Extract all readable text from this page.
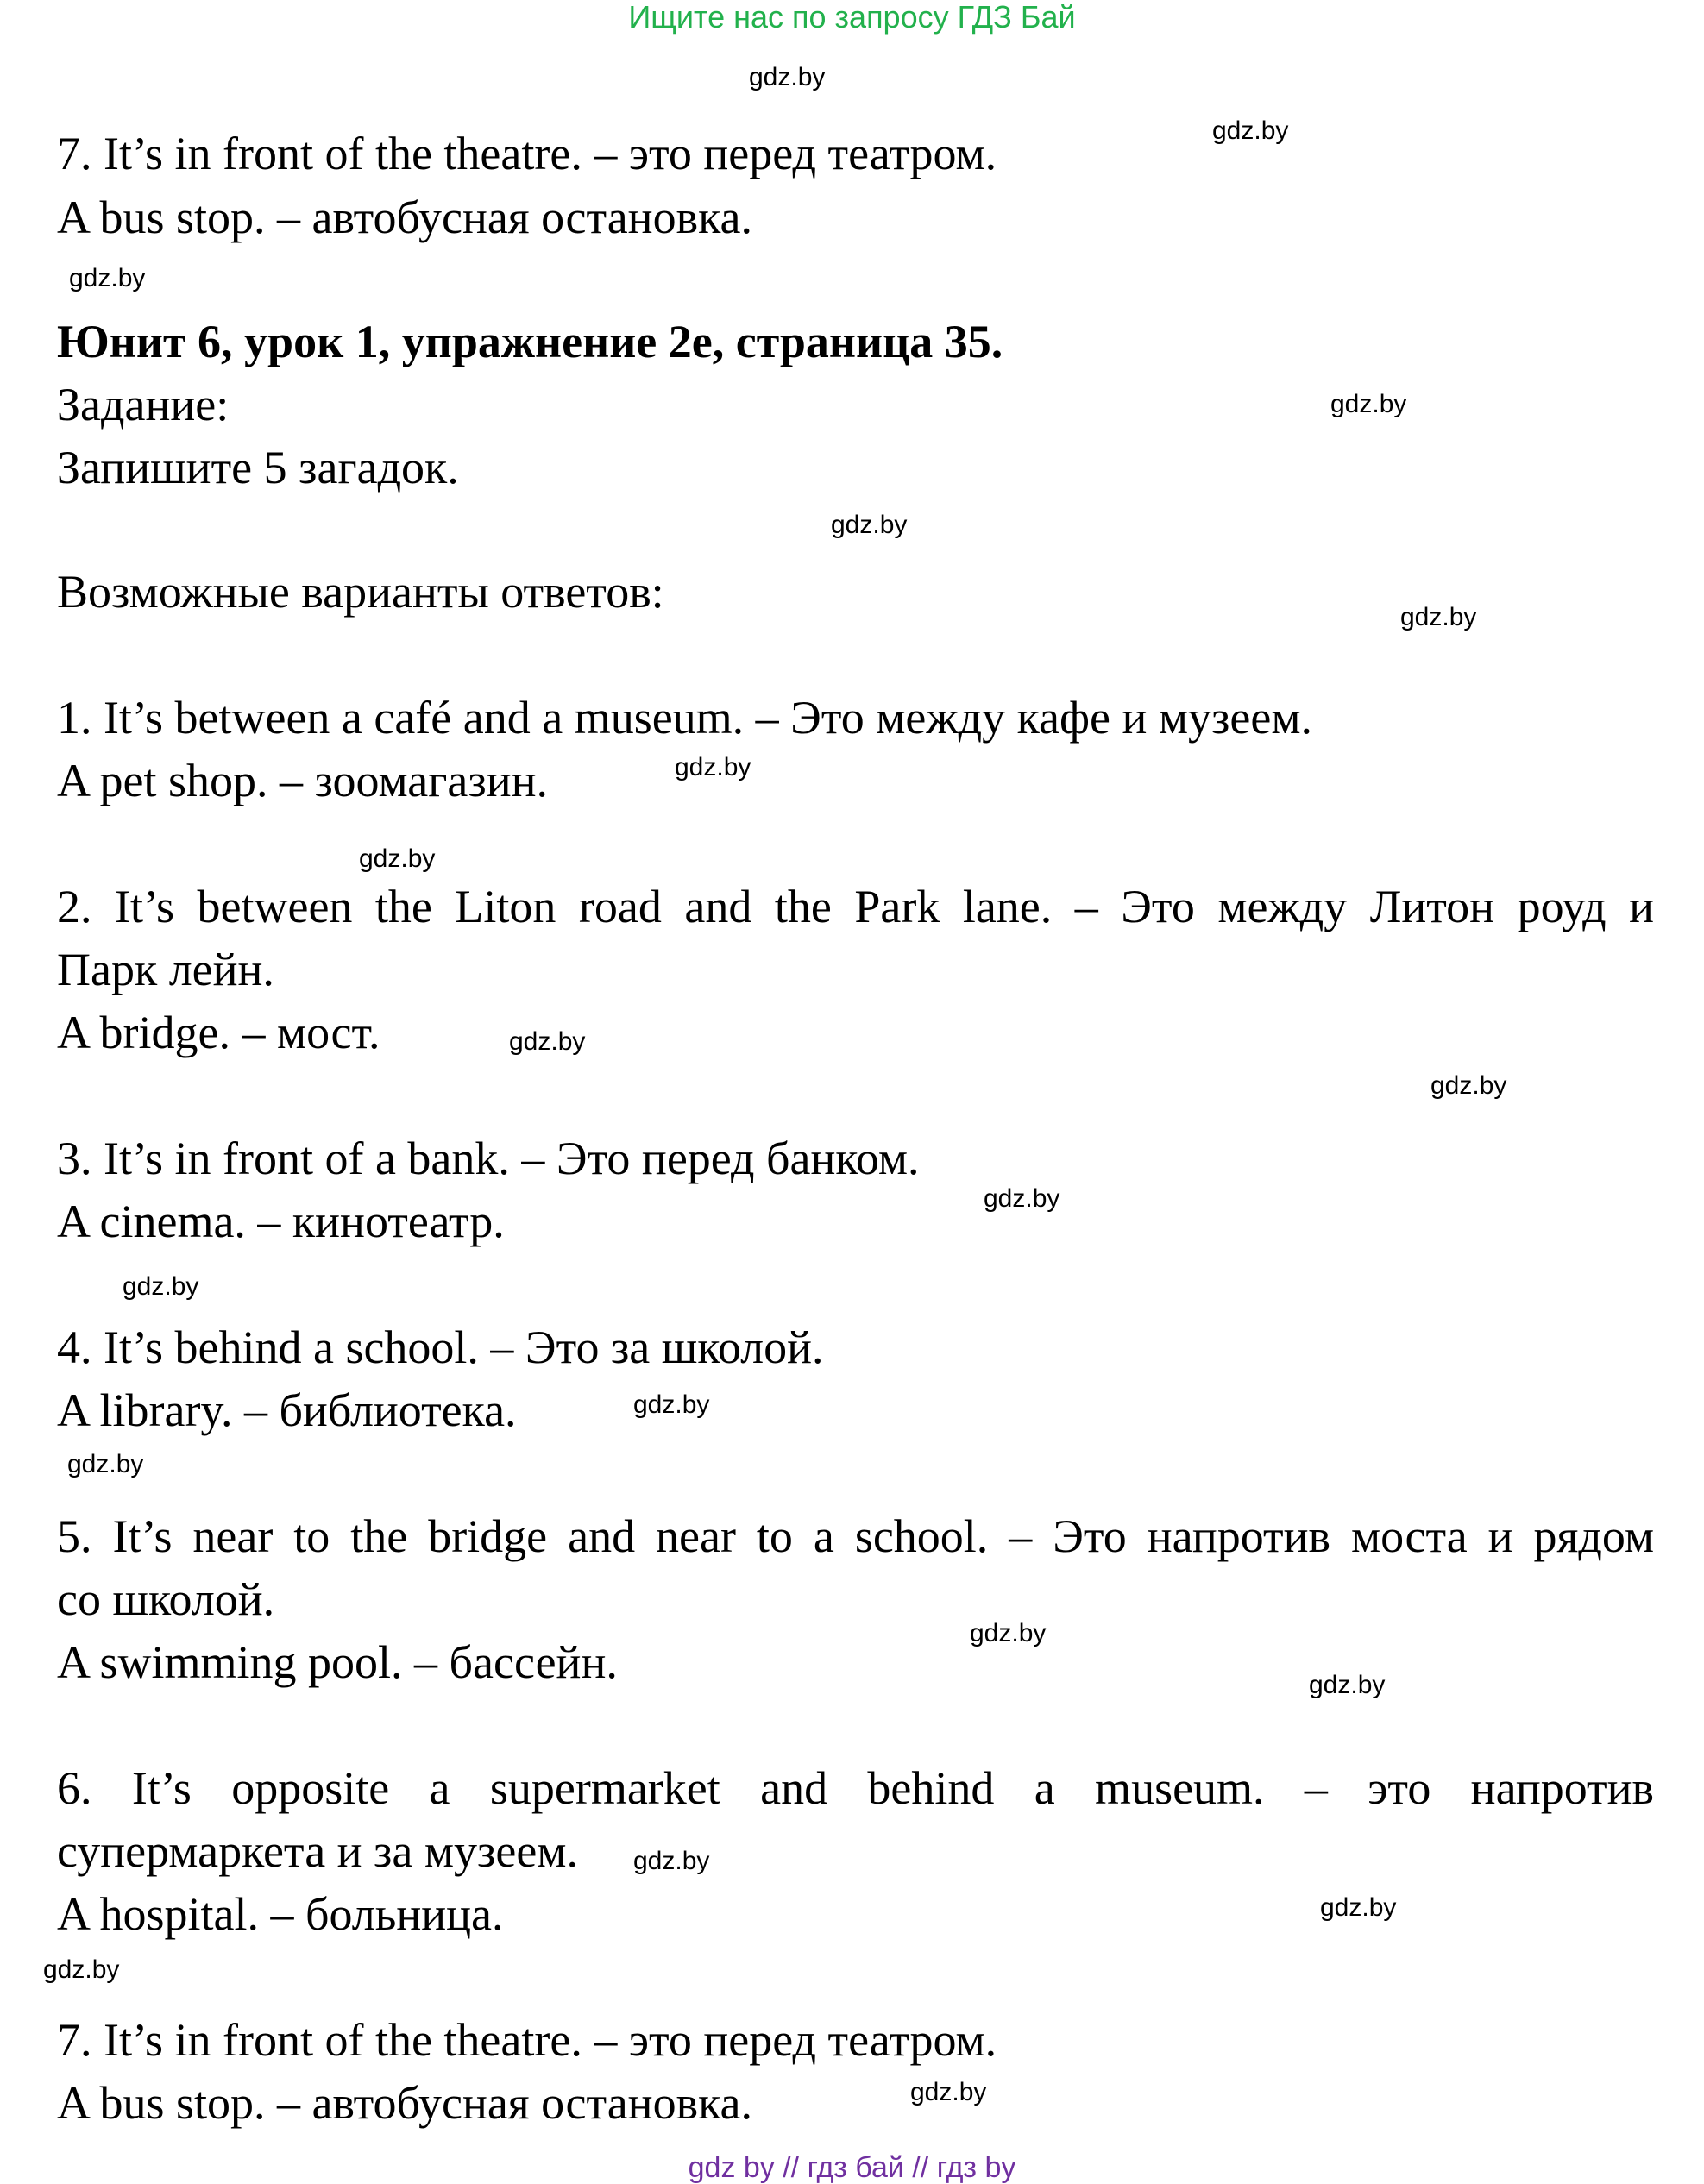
Ищите нас по запросу ГДЗ Бай
gdz.by
gdz.by
gdz.by
gdz.by
gdz.by
gdz.by
gdz.by
gdz.by
gdz.by
gdz.by
gdz.by
gdz.by
gdz.by
gdz.by
gdz.by
gdz.by
gdz.by
gdz.by
gdz.by
gdz.by
7. It’s in front of the theatre. – это перед театром.
A bus stop. – автобусная остановка.
Юнит 6, урок 1, упражнение 2е, страница 35.
Задание:
Запишите 5 загадок.
Возможные варианты ответов:
1. It’s between a café and a museum. – Это между кафе и музеем.
A pet shop. – зоомагазин.
2. It’s between the Liton road and the Park lane. – Это между Литон роуд и
Парк лейн.
A bridge. – мост.
3. It’s in front of a bank. – Это перед банком.
A cinema. – кинотеатр.
4. It’s behind a school. – Это за школой.
A library. – библиотека.
5. It’s near to the bridge and near to a school. – Это напротив моста и рядом
со школой.
A swimming pool. – бассейн.
6. It’s opposite a supermarket and behind a museum. – это напротив
супермаркета и за музеем.
A hospital. – больница.
7. It’s in front of the theatre. – это перед театром.
A bus stop. – автобусная остановка.
gdz by // гдз бай // гдз by
